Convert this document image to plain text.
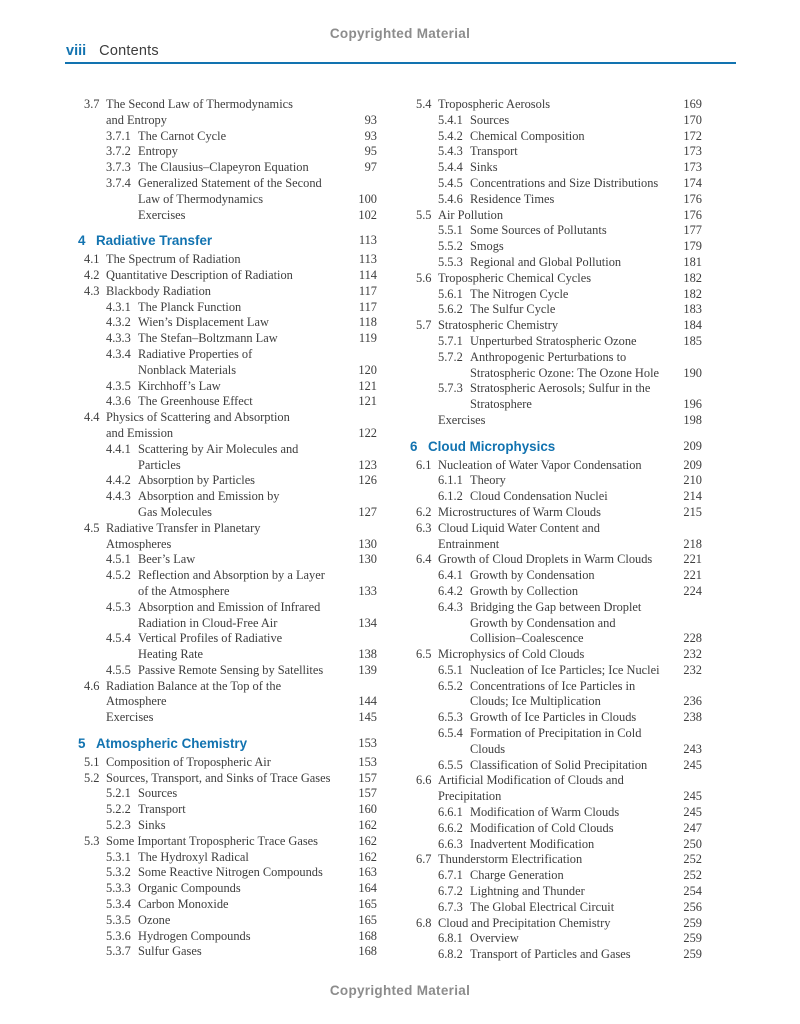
Copyrighted Material
viii Contents
3.7 The Second Law of Thermodynamics
and Entropy	93
3.7.1 The Carnot Cycle	93
3.7.2 Entropy	95
3.7.3 The Clausius–Clapeyron Equation	97
3.7.4 Generalized Statement of the Second
Law of Thermodynamics	100
Exercises	102
4 Radiative Transfer	113
4.1 The Spectrum of Radiation	113
4.2 Quantitative Description of Radiation	114
4.3 Blackbody Radiation	117
4.3.1 The Planck Function	117
4.3.2 Wien’s Displacement Law	118
4.3.3 The Stefan–Boltzmann Law	119
4.3.4 Radiative Properties of
Nonblack Materials	120
4.3.5 Kirchhoff’s Law	121
4.3.6 The Greenhouse Effect	121
4.4 Physics of Scattering and Absorption
and Emission	122
4.4.1 Scattering by Air Molecules and
Particles	123
4.4.2 Absorption by Particles	126
4.4.3 Absorption and Emission by
Gas Molecules	127
4.5 Radiative Transfer in Planetary
Atmospheres	130
4.5.1 Beer’s Law	130
4.5.2 Reflection and Absorption by a Layer
of the Atmosphere	133
4.5.3 Absorption and Emission of Infrared
Radiation in Cloud-Free Air	134
4.5.4 Vertical Profiles of Radiative
Heating Rate	138
4.5.5 Passive Remote Sensing by Satellites	139
4.6 Radiation Balance at the Top of the
Atmosphere	144
Exercises	145
5 Atmospheric Chemistry	153
5.1 Composition of Tropospheric Air	153
5.2 Sources, Transport, and Sinks of Trace Gases 157
5.2.1 Sources	157
5.2.2 Transport	160
5.2.3 Sinks	162
5.3 Some Important Tropospheric Trace Gases	162
5.3.1 The Hydroxyl Radical	162
5.3.2 Some Reactive Nitrogen Compounds	163
5.3.3 Organic Compounds	164
5.3.4 Carbon Monoxide	165
5.3.5 Ozone	165
5.3.6 Hydrogen Compounds	168
5.3.7 Sulfur Gases	168
5.4 Tropospheric Aerosols	169
5.4.1 Sources	170
5.4.2 Chemical Composition	172
5.4.3 Transport	173
5.4.4 Sinks	173
5.4.5 Concentrations and Size Distributions 174
5.4.6 Residence Times	176
5.5 Air Pollution	176
5.5.1 Some Sources of Pollutants	177
5.5.2 Smogs	179
5.5.3 Regional and Global Pollution	181
5.6 Tropospheric Chemical Cycles	182
5.6.1 The Nitrogen Cycle	182
5.6.2 The Sulfur Cycle	183
5.7 Stratospheric Chemistry	184
5.7.1 Unperturbed Stratospheric Ozone	185
5.7.2 Anthropogenic Perturbations to
Stratospheric Ozone: The Ozone Hole 190
5.7.3 Stratospheric Aerosols; Sulfur in the
Stratosphere	196
Exercises	198
6 Cloud Microphysics	209
6.1 Nucleation of Water Vapor Condensation	209
6.1.1 Theory	210
6.1.2 Cloud Condensation Nuclei	214
6.2 Microstructures of Warm Clouds	215
6.3 Cloud Liquid Water Content and
Entrainment	218
6.4 Growth of Cloud Droplets in Warm Clouds	221
6.4.1 Growth by Condensation	221
6.4.2 Growth by Collection	224
6.4.3 Bridging the Gap between Droplet
Growth by Condensation and
Collision–Coalescence	228
6.5 Microphysics of Cold Clouds	232
6.5.1 Nucleation of Ice Particles; Ice Nuclei 232
6.5.2 Concentrations of Ice Particles in
Clouds; Ice Multiplication	236
6.5.3 Growth of Ice Particles in Clouds	238
6.5.4 Formation of Precipitation in Cold
Clouds	243
6.5.5 Classification of Solid Precipitation	245
6.6 Artificial Modification of Clouds and
Precipitation	245
6.6.1 Modification of Warm Clouds	245
6.6.2 Modification of Cold Clouds	247
6.6.3 Inadvertent Modification	250
6.7 Thunderstorm Electrification	252
6.7.1 Charge Generation	252
6.7.2 Lightning and Thunder	254
6.7.3 The Global Electrical Circuit	256
6.8 Cloud and Precipitation Chemistry	259
6.8.1 Overview	259
6.8.2 Transport of Particles and Gases	259
Copyrighted Material
